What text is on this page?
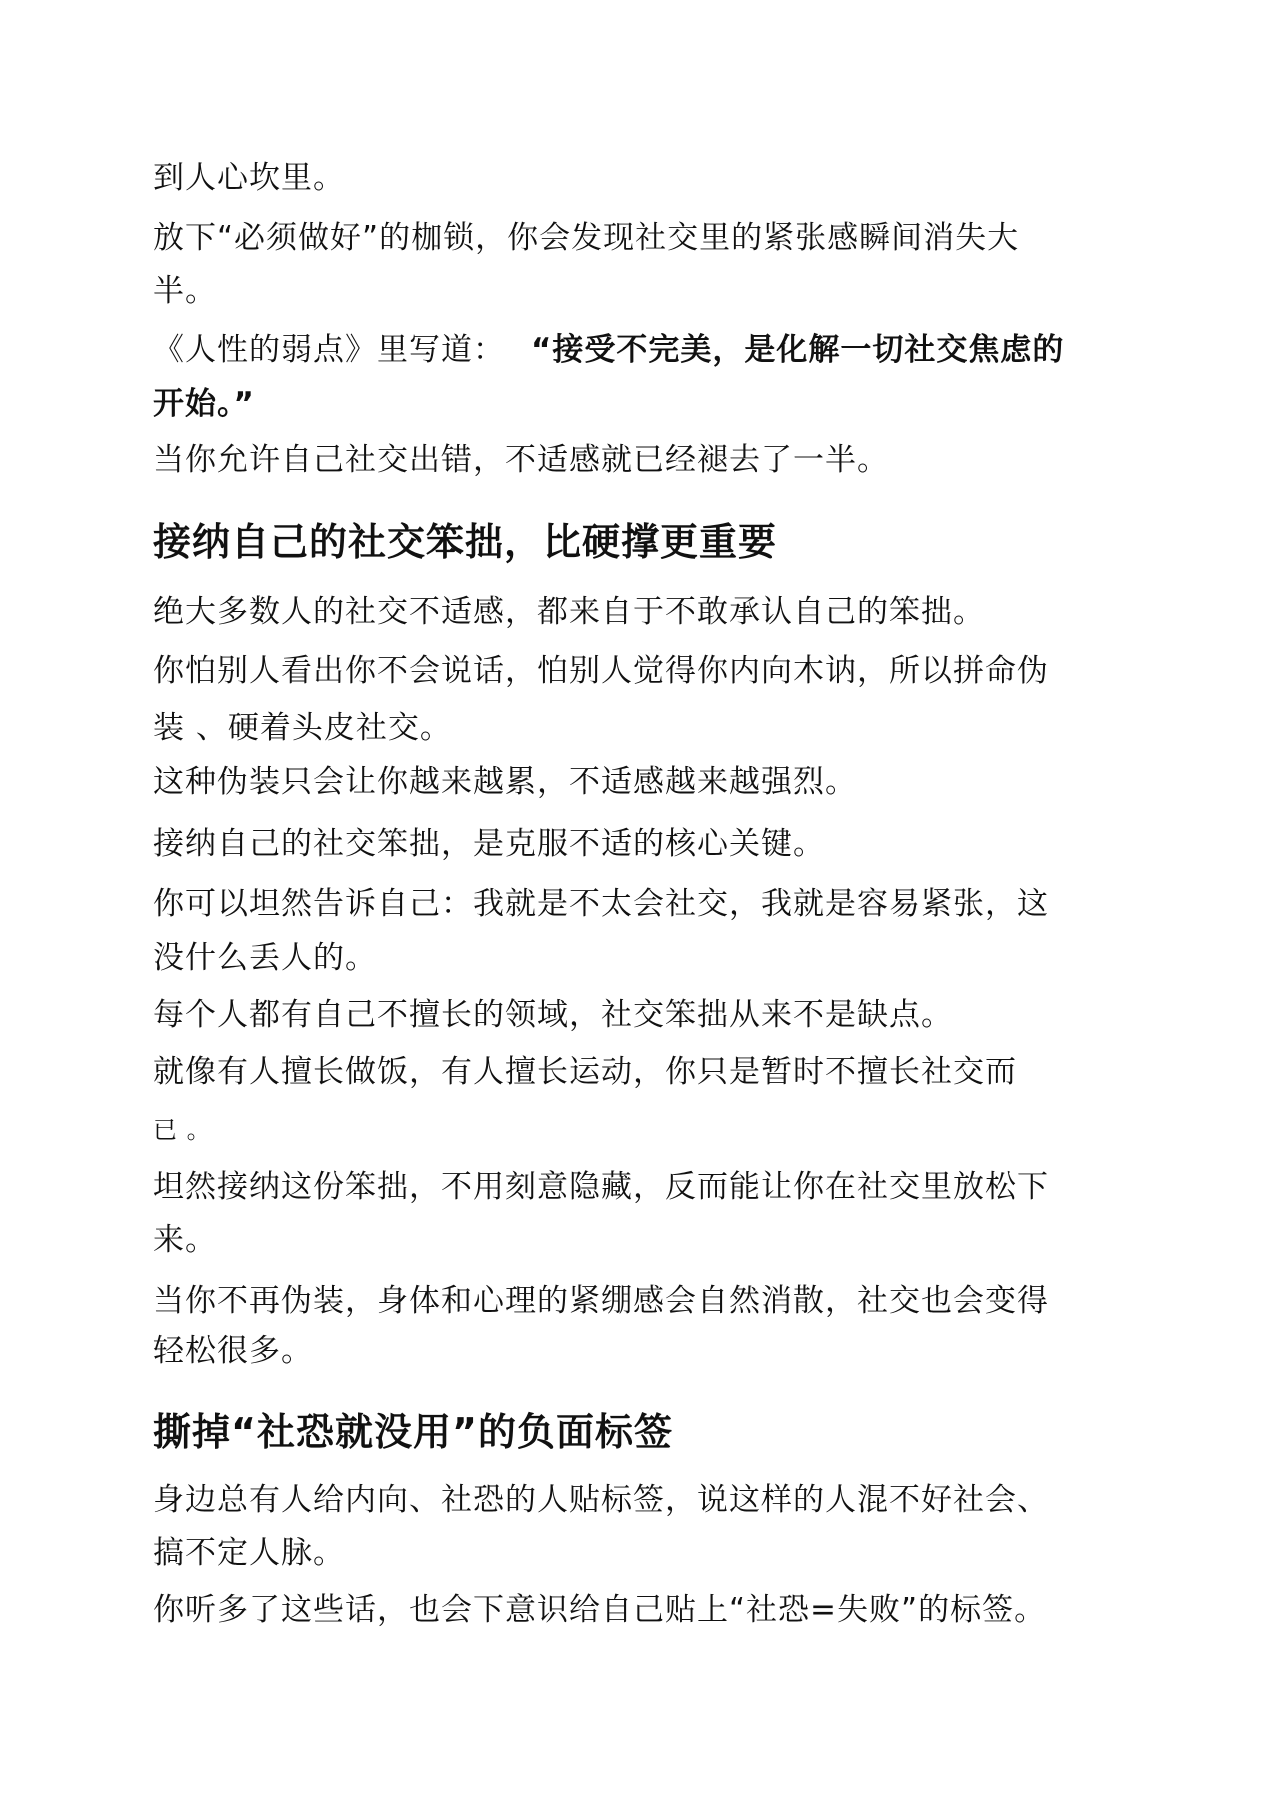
到人心坎里。

放下“必须做好”的枷锁，你会发现社交里的紧张感瞬间消失大

半。

《人性的弱点》里写道： “接受不完美，是化解一切社交焦虑的

开始。”

当你允许自己社交出错，不适感就已经褪去了一半。

接纳自己的社交笨拙，比硬撑更重要

绝大多数人的社交不适感，都来自于不敢承认自己的笨拙。

你怕别人看出你不会说话，怕别人觉得你内向木讷，所以拼命伪

装 、硬着头皮社交。

这种伪装只会让你越来越累，不适感越来越强烈。

接纳自己的社交笨拙，是克服不适的核心关键。

你可以坦然告诉自己：我就是不太会社交，我就是容易紧张，这

没什么丢人的。

每个人都有自己不擅长的领域，社交笨拙从来不是缺点。

就像有人擅长做饭，有人擅长运动，你只是暂时不擅长社交而

已 。

坦然接纳这份笨拙，不用刻意隐藏，反而能让你在社交里放松下

来。

当你不再伪装，身体和心理的紧绷感会自然消散，社交也会变得

轻松很多。

撕掉“社恐就没用”的负面标签

身边总有人给内向、社恐的人贴标签，说这样的人混不好社会、

搞不定人脉。

你听多了这些话，也会下意识给自己贴上“社恐=失败”的标签。
